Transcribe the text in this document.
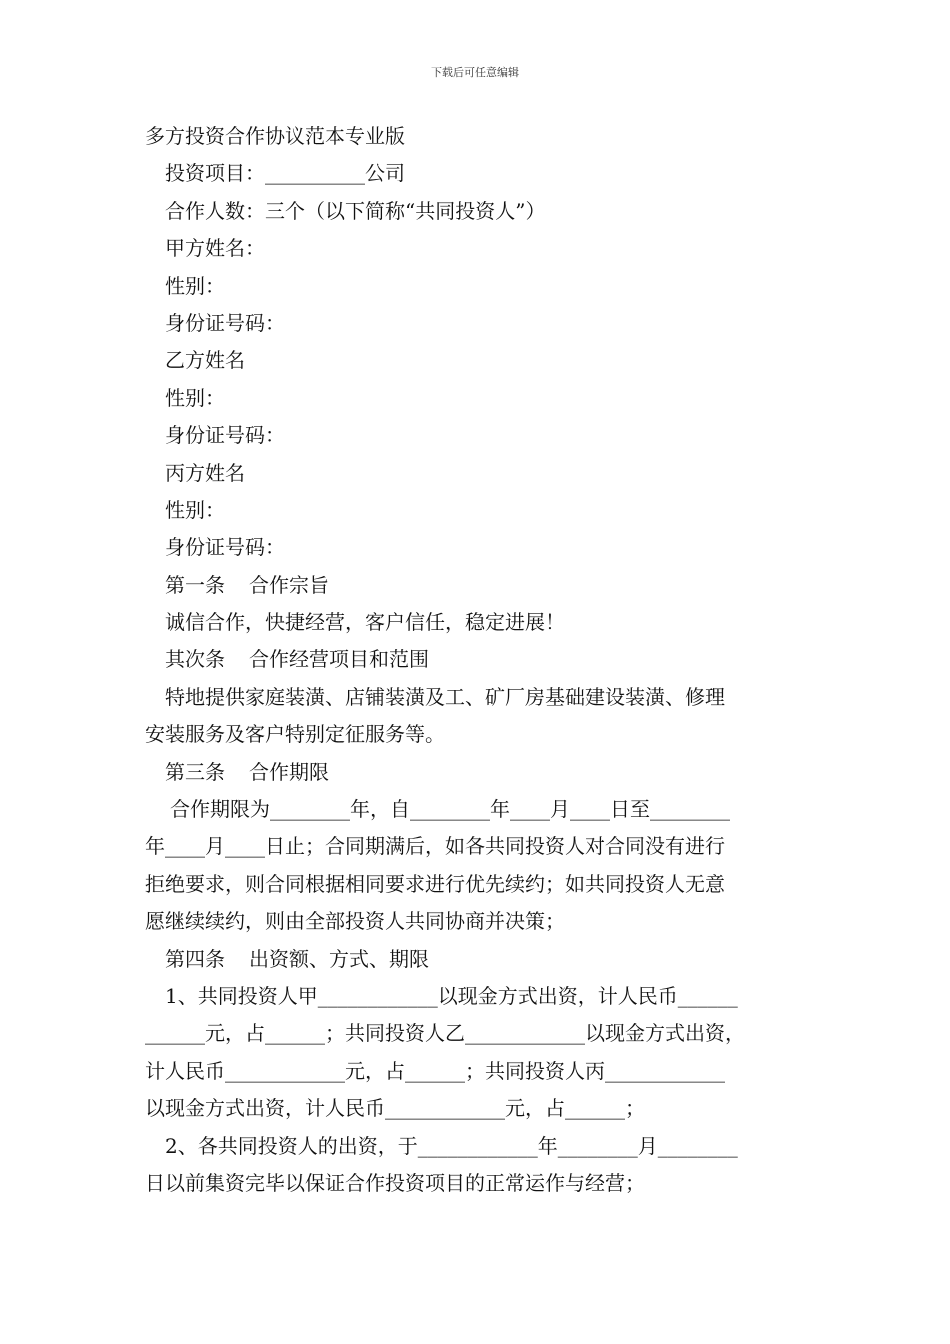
下载后可任意编辑
多方投资合作协议范本专业版
投资项目：__________公司
合作人数：三个（以下简称“共同投资人”）
甲方姓名：
性别：
身份证号码：
乙方姓名
性别：
身份证号码：
丙方姓名
性别：
身份证号码：
第一条 合作宗旨
诚信合作，快捷经营，客户信任，稳定进展！
其次条 合作经营项目和范围
特地提供家庭装潢、店铺装潢及工、矿厂房基础建设装潢、修理
安装服务及客户特别定征服务等。
第三条 合作期限
合作期限为________年，自________年____月____日至________
年____月____日止；合同期满后，如各共同投资人对合同没有进行
拒绝要求，则合同根据相同要求进行优先续约；如共同投资人无意
愿继续续约，则由全部投资人共同协商并决策；
第四条 出资额、方式、期限
1、共同投资人甲____________以现金方式出资，计人民币______
______元，占______；共同投资人乙____________以现金方式出资，
计人民币____________元，占______；共同投资人丙____________
以现金方式出资，计人民币____________元，占______；
2、各共同投资人的出资，于____________年________月________
日以前集资完毕以保证合作投资项目的正常运作与经营；
